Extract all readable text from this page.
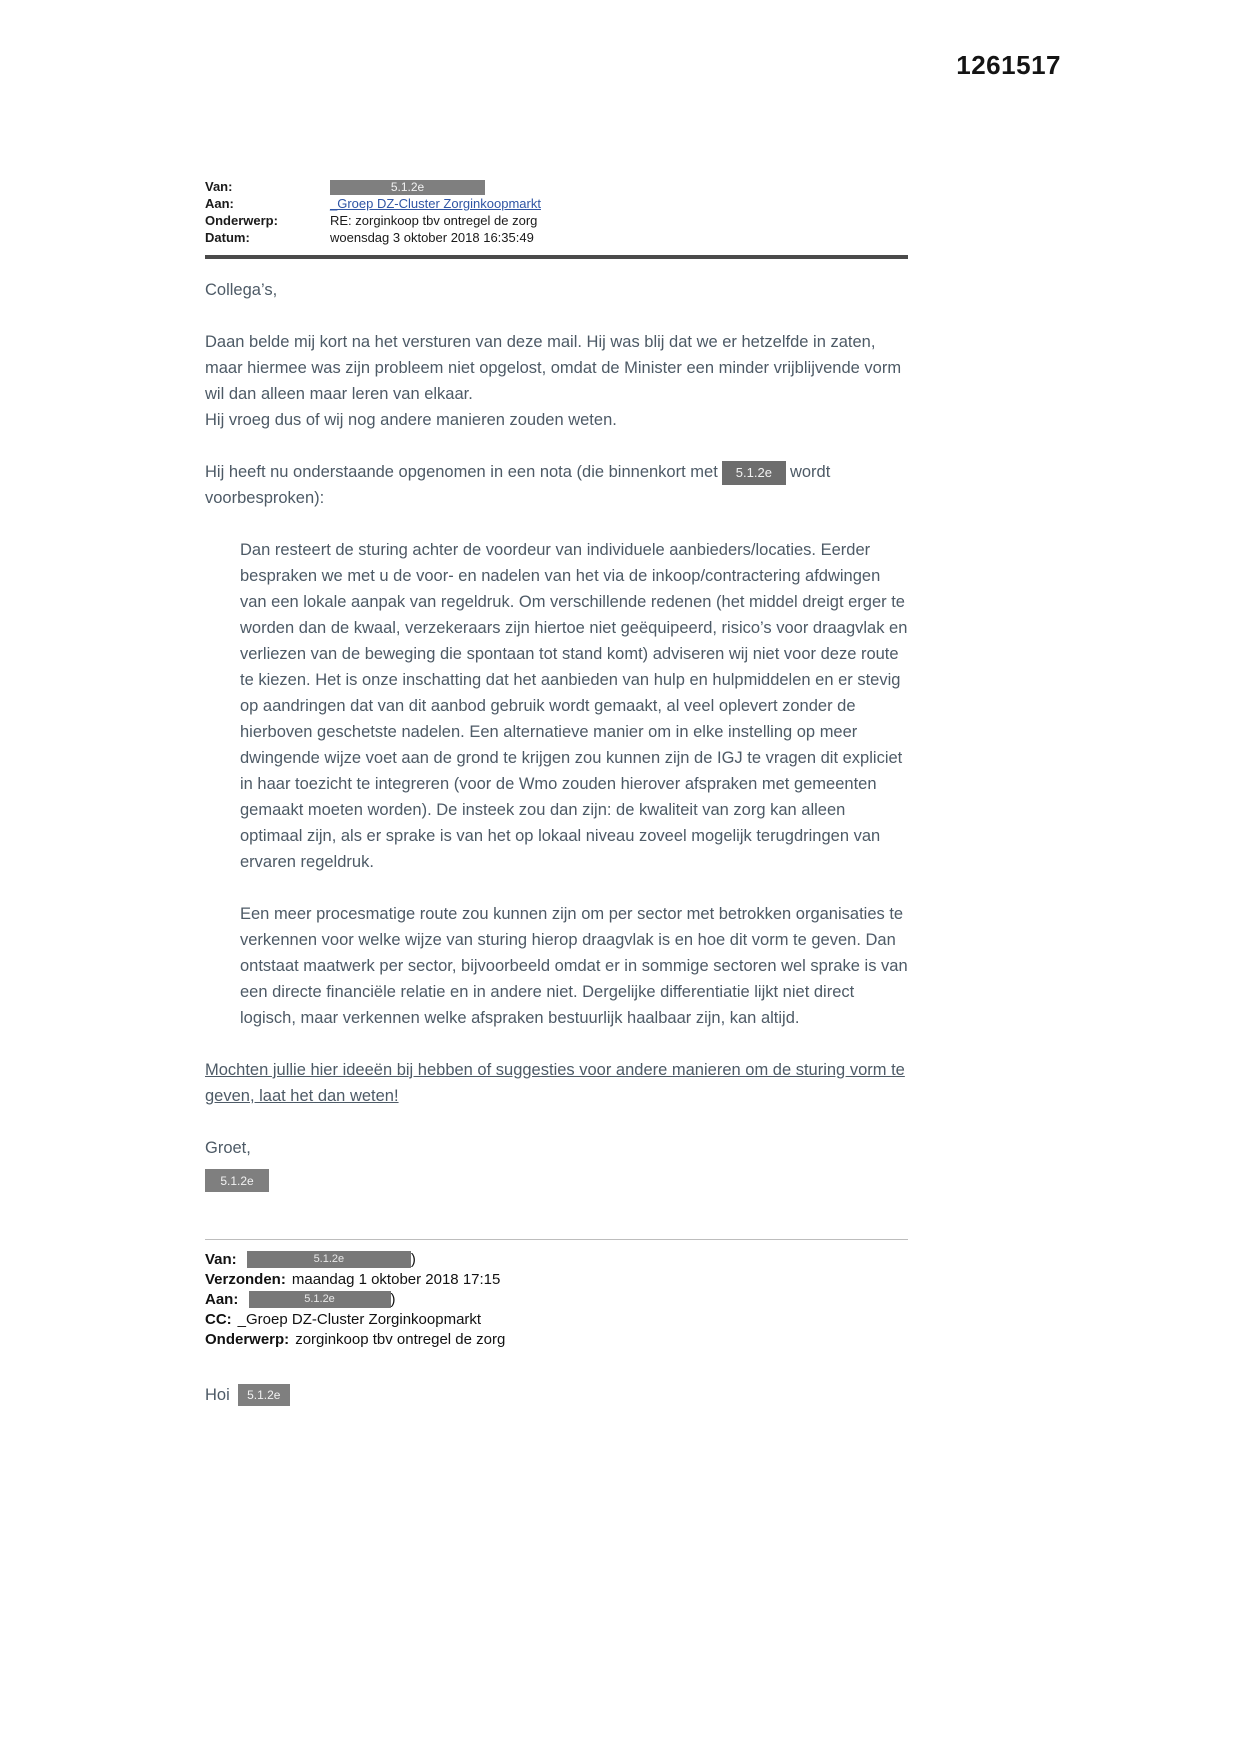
1261517
Van:	5.1.2e
Aan:	_Groep DZ-Cluster Zorginkoopmarkt
Onderwerp:	RE: zorginkoop tbv ontregel de zorg
Datum:	woensdag 3 oktober 2018 16:35:49

Collega’s,

Daan belde mij kort na het versturen van deze mail. Hij was blij dat we er hetzelfde in zaten, maar hiermee was zijn probleem niet opgelost, omdat de Minister een minder vrijblijvende vorm wil dan alleen maar leren van elkaar.

Hij vroeg dus of wij nog andere manieren zouden weten.

Hij heeft nu onderstaande opgenomen in een nota (die binnenkort met 5.1.2e wordt voorbesproken):

Dan resteert de sturing achter de voordeur van individuele aanbieders/locaties. Eerder bespraken we met u de voor- en nadelen van het via de inkoop/contractering afdwingen van een lokale aanpak van regeldruk. Om verschillende redenen (het middel dreigt erger te worden dan de kwaal, verzekeraars zijn hiertoe niet geëquipeerd, risico’s voor draagvlak en verliezen van de beweging die spontaan tot stand komt) adviseren wij niet voor deze route te kiezen. Het is onze inschatting dat het aanbieden van hulp en hulpmiddelen en er stevig op aandringen dat van dit aanbod gebruik wordt gemaakt, al veel oplevert zonder de hierboven geschetste nadelen. Een alternatieve manier om in elke instelling op meer dwingende wijze voet aan de grond te krijgen zou kunnen zijn de IGJ te vragen dit expliciet in haar toezicht te integreren (voor de Wmo zouden hierover afspraken met gemeenten gemaakt moeten worden). De insteek zou dan zijn: de kwaliteit van zorg kan alleen optimaal zijn, als er sprake is van het op lokaal niveau zoveel mogelijk terugdringen van ervaren regeldruk.

Een meer procesmatige route zou kunnen zijn om per sector met betrokken organisaties te verkennen voor welke wijze van sturing hierop draagvlak is en hoe dit vorm te geven. Dan ontstaat maatwerk per sector, bijvoorbeeld omdat er in sommige sectoren wel sprake is van een directe financiële relatie en in andere niet. Dergelijke differentiatie lijkt niet direct logisch, maar verkennen welke afspraken bestuurlijk haalbaar zijn, kan altijd.

Mochten jullie hier ideeën bij hebben of suggesties voor andere manieren om de sturing vorm te geven, laat het dan weten!

Groet,

5.1.2e
Van:	5.1.2e	)
Verzonden: maandag 1 oktober 2018 17:15
Aan:	5.1.2e	)
CC: _Groep DZ-Cluster Zorginkoopmarkt
Onderwerp: zorginkoop tbv ontregel de zorg
Hoi	5.1.2e
